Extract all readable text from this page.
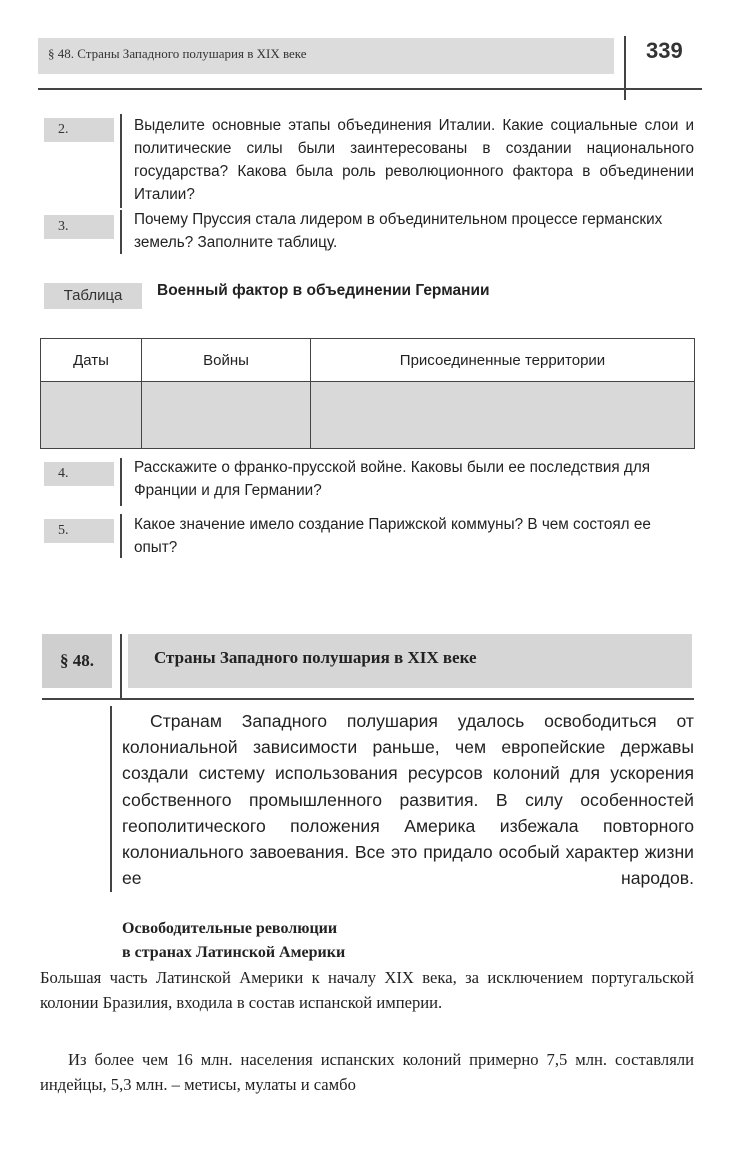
§ 48. Страны Западного полушария в XIX веке	339
2.	Выделите основные этапы объединения Италии. Какие социальные слои и политические силы были заинтересованы в создании национального государства? Какова была роль революционного фактора в объединении Италии?

3.	Почему Пруссия стала лидером в объединительном процессе германских земель? Заполните таблицу.

Таблица	Военный фактор в объединении Германии
Даты	Войны	Присоединенные территории

4.	Расскажите о франко-прусской войне. Каковы были ее последствия для Франции и для Германии?

5.	Какое значение имело создание Парижской коммуны? В чем состоял ее опыт?

§ 48.	Страны Западного полушария в XIX веке

Странам Западного полушария удалось освободиться от колониальной зависимости раньше, чем европейские державы создали систему использования ресурсов колоний для ускорения собственного промышленного развития. В силу особенностей геополитического положения Америка избежала повторного колониального завоевания. Все это придало особый характер жизни ее народов.

Освободительные революции
в странах Латинской Америки

Большая часть Латинской Америки к началу XIX века, за исключением португальской колонии Бразилия, входила в состав испанской империи.

Из более чем 16 млн. населения испанских колоний примерно 7,5 млн. составляли индейцы, 5,3 млн. – метисы, мулаты и самбо
